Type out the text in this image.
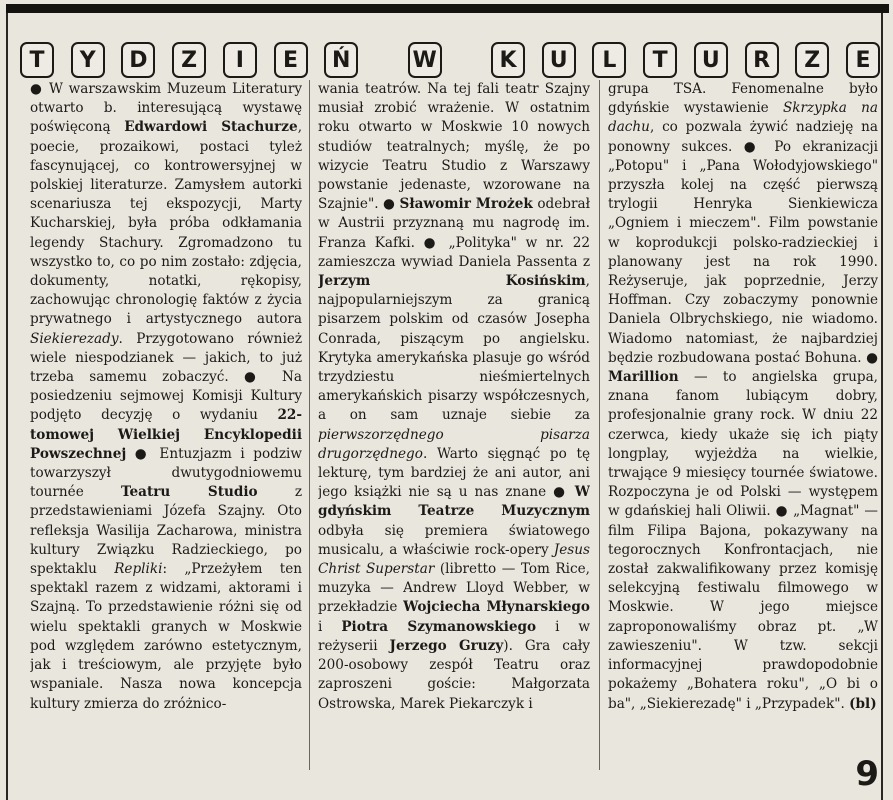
T	Y	D	Z	I	E	Ń	W	K	U	L	T	U	R	Z	E

● W warszawskim Muzeum Literatury otwarto b. interesującą wystawę poświęconą Edwardowi Stachurze, poecie, prozaikowi, postaci tyleż fascynującej, co kontrowersyjnej w polskiej literaturze. Zamysłem autorki scenariusza tej ekspozycji, Marty Kucharskiej, była próba odkłamania legendy Stachury. Zgromadzono tu wszystko to, co po nim zostało: zdjęcia, dokumenty, notatki, rękopisy, zachowując chronologię faktów z życia prywatnego i artystycznego autora Siekierezady. Przygotowano również wiele niespodzianek — jakich, to już trzeba samemu zobaczyć. ● Na posiedzeniu sejmowej Komisji Kultury podjęto decyzję o wydaniu 22-tomowej Wielkiej Encyklopedii Powszechnej ● Entuzjazm i podziw towarzyszył dwutygodniowemu tournée Teatru Studio z przedstawieniami Józefa Szajny. Oto refleksja Wasilija Zacharowa, ministra kultury Związku Radzieckiego, po spektaklu Repliki: „Przeżyłem ten spektakl razem z widzami, aktorami i Szajną. To przedstawienie różni się od wielu spektakli granych w Moskwie pod względem zarówno estetycznym, jak i treściowym, ale przyjęte było wspaniale. Nasza nowa koncepcja kultury zmierza do zróżnico-

wania teatrów. Na tej fali teatr Szajny musiał zrobić wrażenie. W ostatnim roku otwarto w Moskwie 10 nowych studiów teatralnych; myślę, że po wizycie Teatru Studio z Warszawy powstanie jedenaste, wzorowane na Szajnie". ● Sławomir Mrożek odebrał w Austrii przyznaną mu nagrodę im. Franza Kafki. ● „Polityka" w nr. 22 zamieszcza wywiad Daniela Passenta z Jerzym Kosińskim, najpopularniejszym za granicą pisarzem polskim od czasów Josepha Conrada, piszącym po angielsku. Krytyka amerykańska plasuje go wśród trzydziestu nieśmiertelnych amerykańskich pisarzy współczesnych, a on sam uznaje siebie za pierwszorzędnego pisarza drugorzędnego. Warto sięgnąć po tę lekturę, tym bardziej że ani autor, ani jego książki nie są u nas znane ● W gdyńskim Teatrze Muzycznym odbyła się premiera światowego musicalu, a właściwie rock-opery Jesus Christ Superstar (libretto — Tom Rice, muzyka — Andrew Lloyd Webber, w przekładzie Wojciecha Młynarskiego i Piotra Szymanowskiego i w reżyserii Jerzego Gruzy). Gra cały 200-osobowy zespół Teatru oraz zaproszeni goście: Małgorzata Ostrowska, Marek Piekarczyk i

grupa TSA. Fenomenalne było gdyńskie wystawienie Skrzypka na dachu, co pozwala żywić nadzieję na ponowny sukces. ● Po ekranizacji „Potopu" i „Pana Wołodyjowskiego" przyszła kolej na część pierwszą trylogii Henryka Sienkiewicza „Ogniem i mieczem". Film powstanie w koprodukcji polsko-radzieckiej i planowany jest na rok 1990. Reżyseruje, jak poprzednie, Jerzy Hoffman. Czy zobaczymy ponownie Daniela Olbrychskiego, nie wiadomo. Wiadomo natomiast, że najbardziej będzie rozbudowana postać Bohuna. ● Marillion — to angielska grupa, znana fanom lubiącym dobry, profesjonalnie grany rock. W dniu 22 czerwca, kiedy ukaże się ich piąty longplay, wyjeżdża na wielkie, trwające 9 miesięcy tournée światowe. Rozpoczyna je od Polski — występem w gdańskiej hali Oliwii. ● „Magnat" — film Filipa Bajona, pokazywany na tegorocznych Konfrontacjach, nie został zakwalifikowany przez komisję selekcyjną festiwalu filmowego w Moskwie. W jego miejsce zaproponowaliśmy obraz pt. „W zawieszeniu". W tzw. sekcji informacyjnej prawdopodobnie pokażemy „Bohatera roku", „O bi o ba", „Siekierezadę" i „Przypadek". (bl)

9
